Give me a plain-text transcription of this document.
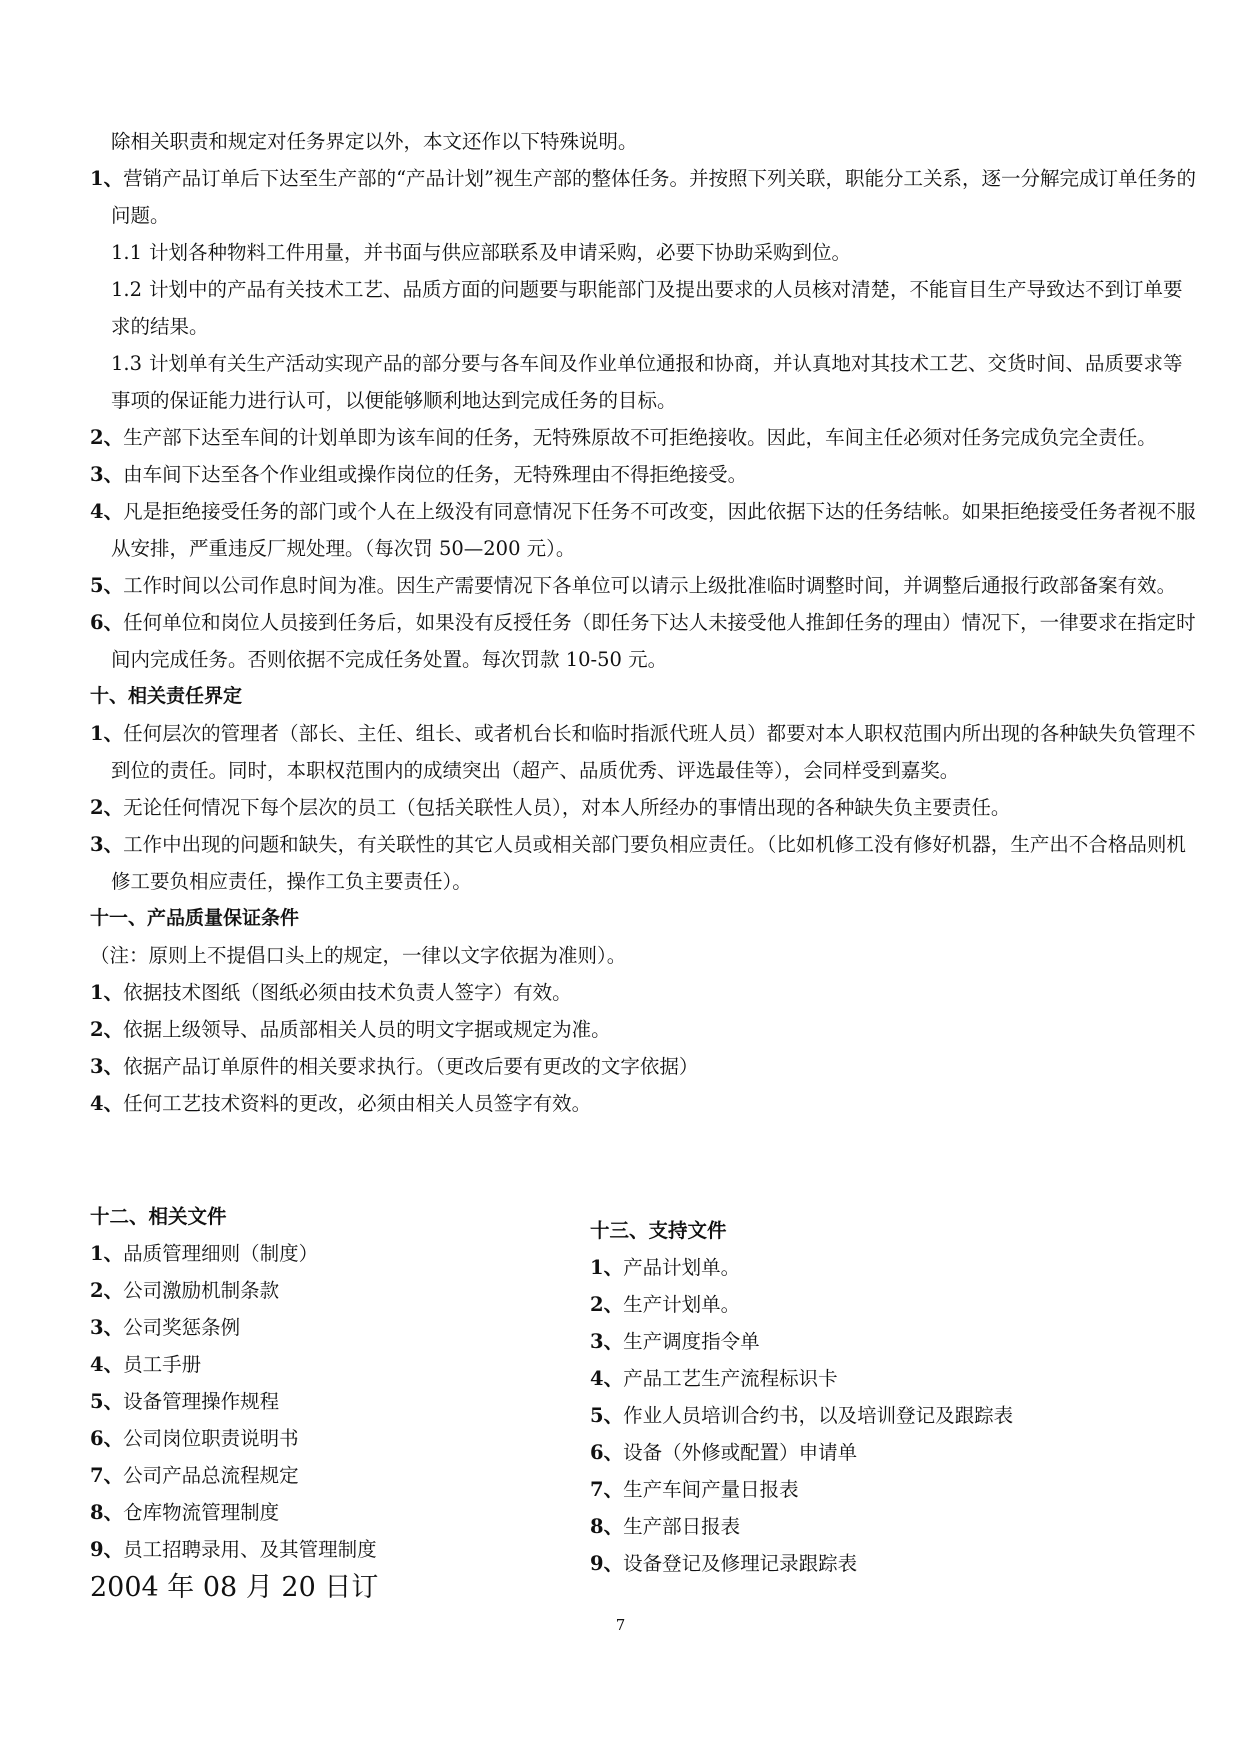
除相关职责和规定对任务界定以外，本文还作以下特殊说明。

1、营销产品订单后下达至生产部的“产品计划”视生产部的整体任务。并按照下列关联，职能分工关系，逐一分解完成订单任务的问题。

1.1 计划各种物料工件用量，并书面与供应部联系及申请采购，必要下协助采购到位。

1.2 计划中的产品有关技术工艺、品质方面的问题要与职能部门及提出要求的人员核对清楚，不能盲目生产导致达不到订单要求的结果。

1.3 计划单有关生产活动实现产品的部分要与各车间及作业单位通报和协商，并认真地对其技术工艺、交货时间、品质要求等事项的保证能力进行认可，以便能够顺利地达到完成任务的目标。

2、生产部下达至车间的计划单即为该车间的任务，无特殊原故不可拒绝接收。因此，车间主任必须对任务完成负完全责任。

3、由车间下达至各个作业组或操作岗位的任务，无特殊理由不得拒绝接受。

4、凡是拒绝接受任务的部门或个人在上级没有同意情况下任务不可改变，因此依据下达的任务结帐。如果拒绝接受任务者视不服从安排，严重违反厂规处理。（每次罚 50—200 元）。

5、工作时间以公司作息时间为准。因生产需要情况下各单位可以请示上级批准临时调整时间，并调整后通报行政部备案有效。

6、任何单位和岗位人员接到任务后，如果没有反授任务（即任务下达人未接受他人推卸任务的理由）情况下，一律要求在指定时间内完成任务。否则依据不完成任务处置。每次罚款 10-50 元。

十、相关责任界定

1、任何层次的管理者（部长、主任、组长、或者机台长和临时指派代班人员）都要对本人职权范围内所出现的各种缺失负管理不到位的责任。同时，本职权范围内的成绩突出（超产、品质优秀、评选最佳等），会同样受到嘉奖。

2、无论任何情况下每个层次的员工（包括关联性人员），对本人所经办的事情出现的各种缺失负主要责任。

3、工作中出现的问题和缺失，有关联性的其它人员或相关部门要负相应责任。（比如机修工没有修好机器，生产出不合格品则机修工要负相应责任，操作工负主要责任）。

十一、产品质量保证条件

（注：原则上不提倡口头上的规定，一律以文字依据为准则）。

1、依据技术图纸（图纸必须由技术负责人签字）有效。

2、依据上级领导、品质部相关人员的明文字据或规定为准。

3、依据产品订单原件的相关要求执行。（更改后要有更改的文字依据）

4、任何工艺技术资料的更改，必须由相关人员签字有效。

十二、相关文件

1、品质管理细则（制度）

2、公司激励机制条款

3、公司奖惩条例

4、员工手册

5、设备管理操作规程

6、公司岗位职责说明书

7、公司产品总流程规定

8、仓库物流管理制度

9、员工招聘录用、及其管理制度

2004 年 08 月 20 日订

十三、支持文件

1、产品计划单。

2、生产计划单。

3、生产调度指令单

4、产品工艺生产流程标识卡

5、作业人员培训合约书，以及培训登记及跟踪表

6、设备（外修或配置）申请单

7、生产车间产量日报表

8、生产部日报表

9、设备登记及修理记录跟踪表

7
